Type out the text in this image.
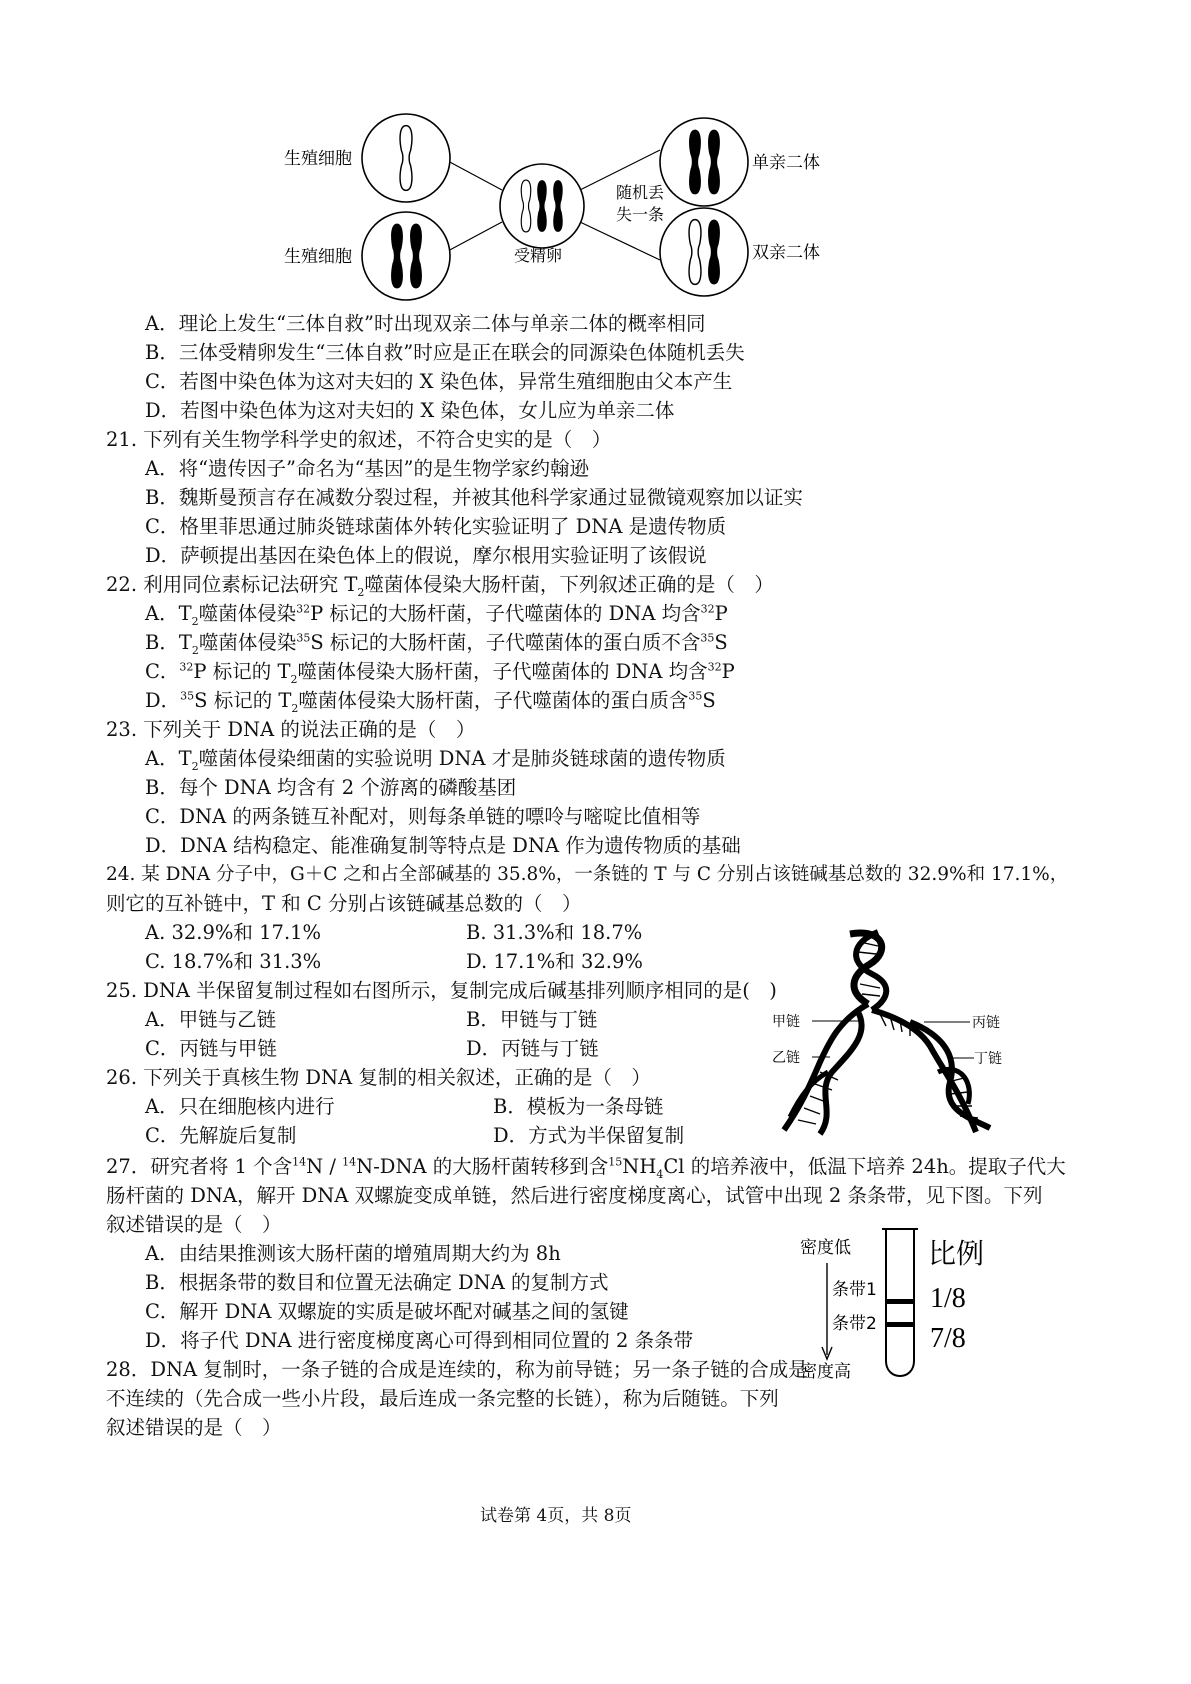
生殖细胞
生殖细胞	受精卵
随机丢
失一条
单亲二体
双亲二体
A．理论上发生“三体自救”时出现双亲二体与单亲二体的概率相同
B．三体受精卵发生“三体自救”时应是正在联会的同源染色体随机丢失
C．若图中染色体为这对夫妇的 X 染色体，异常生殖细胞由父本产生
D．若图中染色体为这对夫妇的 X 染色体，女儿应为单亲二体
21. 下列有关生物学科学史的叙述，不符合史实的是（　）
A．将“遗传因子”命名为“基因”的是生物学家约翰逊
B．魏斯曼预言存在减数分裂过程，并被其他科学家通过显微镜观察加以证实
C．格里菲思通过肺炎链球菌体外转化实验证明了 DNA 是遗传物质
D．萨顿提出基因在染色体上的假说，摩尔根用实验证明了该假说
22. 利用同位素标记法研究 $T_2$噬菌体侵染大肠杆菌，下列叙述正确的是（　）
A．$T_2$噬菌体侵染$^{32}$P 标记的大肠杆菌，子代噬菌体的 DNA 均含$^{32}$P
B．$T_2$噬菌体侵染$^{35}$S 标记的大肠杆菌，子代噬菌体的蛋白质不含$^{35}$S
C．$^{32}$P 标记的 $T_2$噬菌体侵染大肠杆菌，子代噬菌体的 DNA 均含$^{32}$P
D．$^{35}$S 标记的 $T_2$噬菌体侵染大肠杆菌，子代噬菌体的蛋白质含$^{35}$S
23. 下列关于 DNA 的说法正确的是（　）
A．$T_2$噬菌体侵染细菌的实验说明 DNA 才是肺炎链球菌的遗传物质
B．每个 DNA 均含有 2 个游离的磷酸基团
C．DNA 的两条链互补配对，则每条单链的嘌呤与嘧啶比值相等
D．DNA 结构稳定、能准确复制等特点是 DNA 作为遗传物质的基础
24. 某 DNA 分子中，G＋C 之和占全部碱基的 35.8%，一条链的 T 与 C 分别占该链碱基总数的 32.9%和 17.1%，
则它的互补链中，T 和 C 分别占该链碱基总数的（　）
A. 32.9%和 17.1%	B. 31.3%和 18.7%
C. 18.7%和 31.3%	D. 17.1%和 32.9%
25. DNA 半保留复制过程如右图所示，复制完成后碱基排列顺序相同的是(　)
A．甲链与乙链	B．甲链与丁链
C．丙链与甲链	D．丙链与丁链
甲链
乙链
丙链
丁链
26. 下列关于真核生物 DNA 复制的相关叙述，正确的是（　）
A．只在细胞核内进行	B．模板为一条母链
C．先解旋后复制	D．方式为半保留复制
27．研究者将 1 个含$^{14}$N / $^{14}$N-DNA 的大肠杆菌转移到含$^{15}NH_4Cl$ 的培养液中，低温下培养 24h。提取子代大
肠杆菌的 DNA，解开 DNA 双螺旋变成单链，然后进行密度梯度离心，试管中出现 2 条条带，见下图。下列
叙述错误的是（　）
A．由结果推测该大肠杆菌的增殖周期大约为 8h
B．根据条带的数目和位置无法确定 DNA 的复制方式
C．解开 DNA 双螺旋的实质是破坏配对碱基之间的氢键
D．将子代 DNA 进行密度梯度离心可得到相同位置的 2 条条带
密度低
密度高
条带1
条带2
比例
1/8
7/8
28．DNA 复制时，一条子链的合成是连续的，称为前导链；另一条子链的合成是
不连续的（先合成一些小片段，最后连成一条完整的长链），称为后随链。下列
叙述错误的是（　）
试卷第 4页，共 8页
